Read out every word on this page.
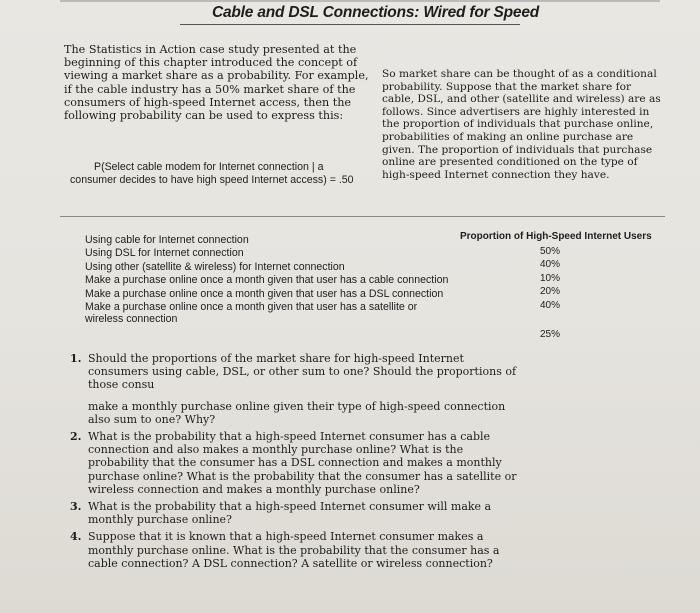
Cable and DSL Connections: Wired for Speed

The Statistics in Action case study presented at the beginning of this chapter introduced the concept of viewing a market share as a probability. For example, if the cable industry has a 50% market share of the consumers of high-speed Internet access, then the following probability can be used to express this:

P(Select cable modem for Internet connection | a
consumer decides to have high speed Internet access) = .50

So market share can be thought of as a conditional probability. Suppose that the market share for cable, DSL, and other (satellite and wireless) are as follows. Since advertisers are highly interested in the proportion of individuals that purchase online, probabilities of making an online purchase are given. The proportion of individuals that purchase online are presented conditioned on the type of high-speed Internet connection they have.

Proportion of High-Speed Internet Users
Using cable for Internet connection
50%
Using DSL for Internet connection
40%
Using other (satellite & wireless) for Internet connection
10%
Make a purchase online once a month given that user has a cable connection
20%
Make a purchase online once a month given that user has a DSL connection
40%
Make a purchase online once a month given that user has a satellite or wireless connection
25%
1. Should the proportions of the market share for high-speed Internet consumers using cable, DSL, or other sum to one? Should the proportions of those consu

make a monthly purchase online given their type of high-speed connection also sum to one? Why?

2. What is the probability that a high-speed Internet consumer has a cable connection and also makes a monthly purchase online? What is the probability that the consumer has a DSL connection and makes a monthly purchase online? What is the probability that the consumer has a satellite or wireless connection and makes a monthly purchase online?

3. What is the probability that a high-speed Internet consumer will make a monthly purchase online?

4. Suppose that it is known that a high-speed Internet consumer makes a monthly purchase online. What is the probability that the consumer has a cable connection? A DSL connection? A satellite or wireless connection?
